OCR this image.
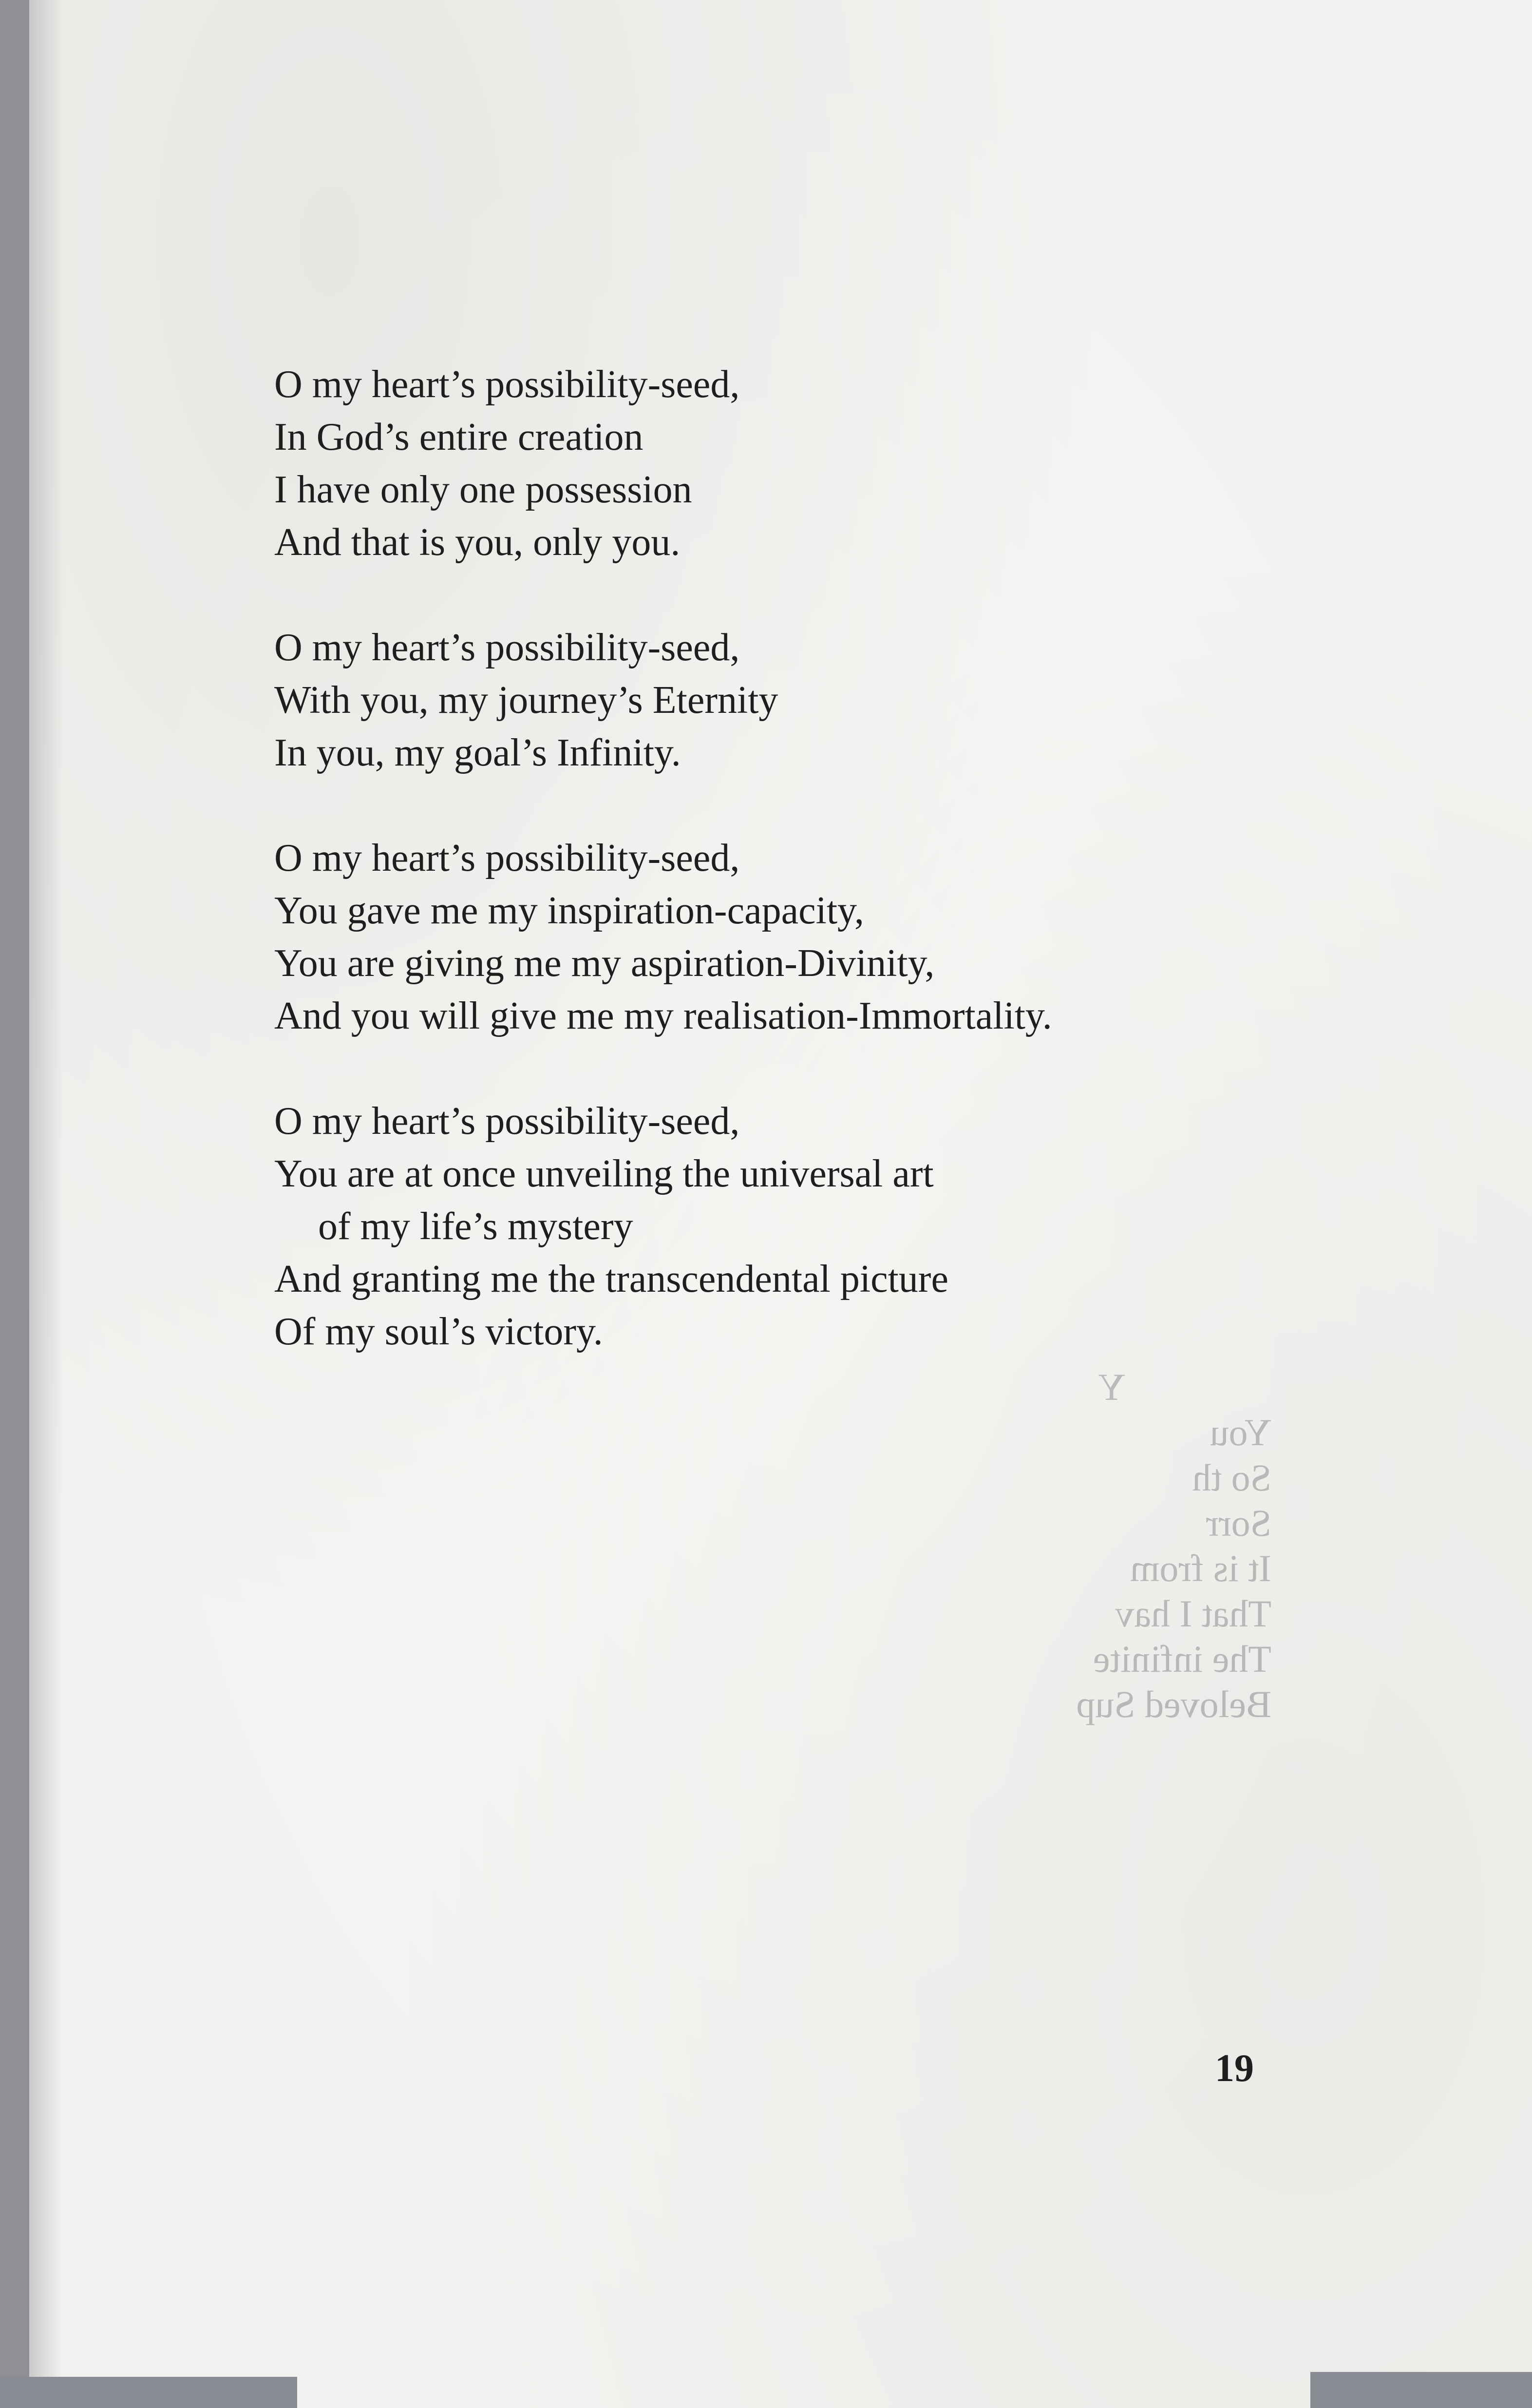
Y
You
So th
Sorr
It is from
That I hav
The infinite
Beloved Sup
O my heart’s possibility-seed,
In God’s entire creation
I have only one possession
And that is you, only you.
O my heart’s possibility-seed,
With you, my journey’s Eternity
In you, my goal’s Infinity.
O my heart’s possibility-seed,
You gave me my inspiration-capacity,
You are giving me my aspiration-Divinity,
And you will give me my realisation-Immortality.
O my heart’s possibility-seed,
You are at once unveiling the universal art
of my life’s mystery
And granting me the transcendental picture
Of my soul’s victory.
19
